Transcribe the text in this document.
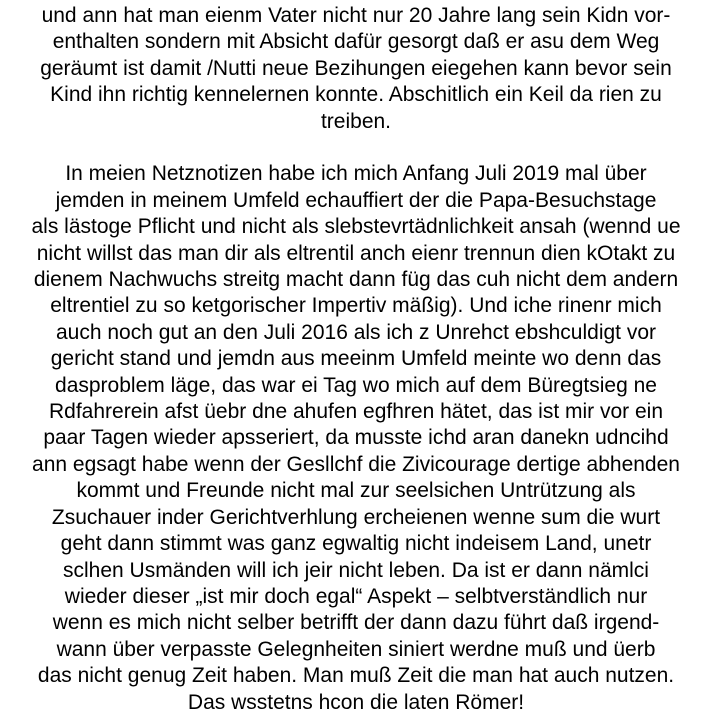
und ann hat man eienm Vater nicht nur 20 Jahre lang sein Kidn vor-
enthalten sondern mit Absicht dafür gesorgt daß er asu dem Weg
geräumt ist damit /Nutti neue Bezihungen eiegehen kann bevor sein
Kind ihn richtig kennelernen konnte. Abschitlich ein Keil da rien zu
treiben.
In meien Netznotizen habe ich mich Anfang Juli 2019 mal über
jemden in meinem Umfeld echauffiert der die Papa-Besuchstage
als lästoge Pflicht und nicht als slebstevrtädnlichkeit ansah (wennd ue
nicht willst das man dir als eltrentil anch eienr trennun dien kOtakt zu
dienem Nachwuchs streitg macht dann füg das cuh nicht dem andern
eltrentiel zu so ketgorischer Impertiv mäßig). Und iche rinenr mich
auch noch gut an den Juli 2016 als ich z Unrehct ebshculdigt vor
gericht stand und jemdn aus meeinm Umfeld meinte wo denn das
dasproblem läge, das war ei Tag wo mich auf dem Büregtsieg ne
Rdfahrerein afst üebr dne ahufen egfhren hätet, das ist mir vor ein
paar Tagen wieder apsseriert, da musste ichd aran danekn udncihd
ann egsagt habe wenn der Gesllchf die Zivicourage dertige abhenden
kommt und Freunde nicht mal zur seelsichen Untrützung als
Zsuchauer inder Gerichtverhlung ercheienen wenne sum die wurt
geht dann stimmt was ganz egwaltig nicht indeisem Land, unetr
sclhen Usmänden will ich jeir nicht leben. Da ist er dann nämlci
wieder dieser „ist mir doch egal“ Aspekt – selbtverständlich nur
wenn es mich nicht selber betrifft der dann dazu führt daß irgend-
wann über verpasste Gelegnheiten siniert werdne muß und üerb
das nicht genug Zeit haben. Man muß Zeit die man hat auch nutzen.
Das wsstetns hcon die laten Römer!
